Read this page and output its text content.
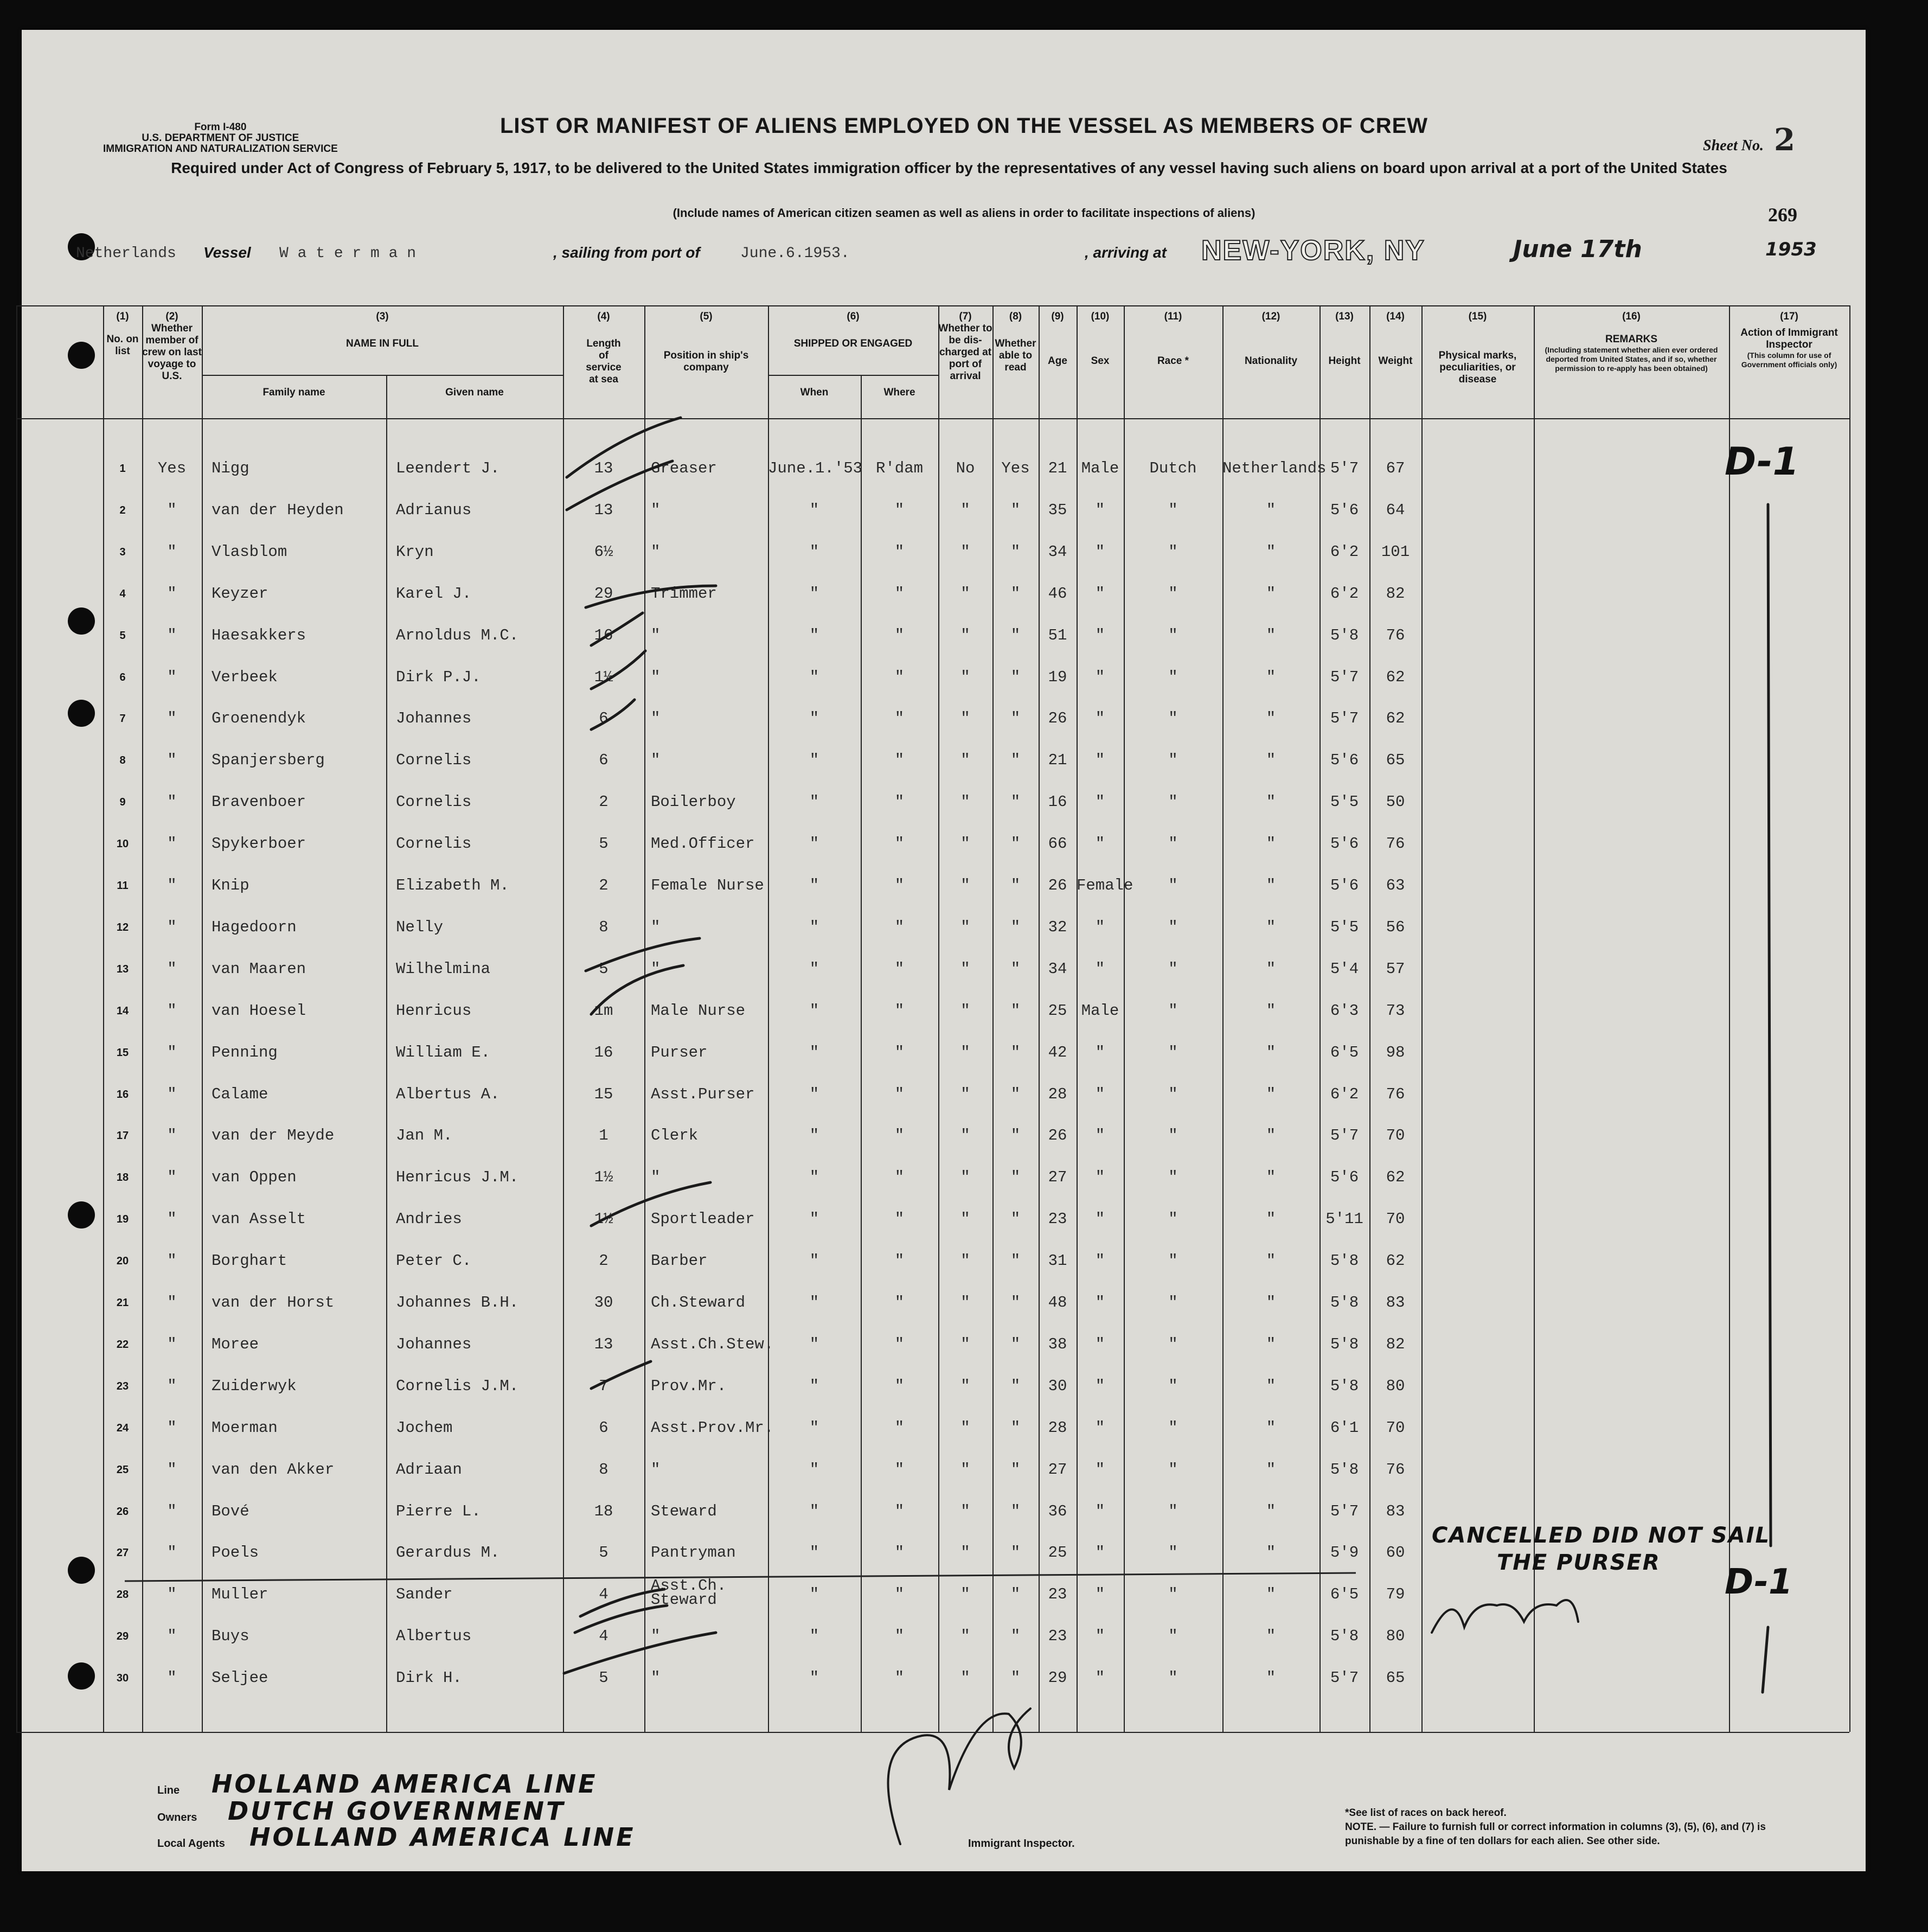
Form I-480
U.S. DEPARTMENT OF JUSTICE
IMMIGRATION AND NATURALIZATION SERVICE	Sheet No. 2
LIST OR MANIFEST OF ALIENS EMPLOYED ON THE VESSEL AS MEMBERS OF CREW
Required under Act of Congress of February 5, 1917, to be delivered to the United States immigration officer by the representatives of any vessel having such aliens on board upon arrival at a port of the United States
(Include names of American citizen seamen as well as aliens in order to facilitate inspections of aliens)	269
Netherlands Vessel W a t e r m a n	, sailing from port of	June.6.1953.	, arriving at NEW-YORK, NY	June 17th	1953
(1)
No. on list
(2)
Whether member of crew on last voyage to U.S.
(3)
NAME IN FULL
Family name	Given name
(4)
Length of service at sea
(5)
Position in ship's company
(6)
SHIPPED OR ENGAGED
When	Where
(7)
Whether to be dis-charged at port of arrival
(8)
Whether able to read
(9)
Age
(10)
Sex
(11)
Race *
(12)
Nationality
(13)
Height
(14)
Weight
(15)
Physical marks, peculiarities, or disease
(16)
REMARKS
(Including statement whether alien ever ordered deported from United States, and if so, whether permission to re-apply has been obtained)
(17)
Action of Immigrant Inspector
(This column for use of Government officials only)
1	Yes	Nigg	Leendert J.	13	Greaser	June.1.'53 R'dam	No	Yes	21 Male	Dutch	Netherlands 5'7	67
2	"	van der Heyden	Adrianus	13	"	"	"	"	"	35	"	"	"	5'6	64
3	"	Vlasblom	Kryn	6½	"	"	"	"	"	34	"	"	"	6'2	101
4	"	Keyzer	Karel J.	29	Trimmer	"	"	"	"	46	"	"	"	6'2	82
5	"	Haesakkers	Arnoldus M.C.	16	"	"	"	"	"	51	"	"	"	5'8	76
6	"	Verbeek	Dirk P.J.	1½	"	"	"	"	"	19	"	"	"	5'7	62
7	"	Groenendyk	Johannes	6	"	"	"	"	"	26	"	"	"	5'7	62
8	"	Spanjersberg	Cornelis	6	"	"	"	"	"	21	"	"	"	5'6	65
9	"	Bravenboer	Cornelis	2	Boilerboy	"	"	"	"	16	"	"	"	5'5	50
10	"	Spykerboer	Cornelis	5	Med.Officer	"	"	"	"	66	"	"	"	5'6	76
11	"	Knip	Elizabeth M.	2	Female Nurse	"	"	"	"	26 Female	"	"	5'6	63
12	"	Hagedoorn	Nelly	8	"	"	"	"	"	32	"	"	"	5'5	56
13	"	van Maaren	Wilhelmina	5	"	"	"	"	"	34	"	"	"	5'4	57
14	"	van Hoesel	Henricus	1m	Male Nurse	"	"	"	"	25 Male	"	"	6'3	73
15	"	Penning	William E.	16	Purser	"	"	"	"	42	"	"	"	6'5	98
16	"	Calame	Albertus A.	15	Asst.Purser	"	"	"	"	28	"	"	"	6'2	76
17	"	van der Meyde	Jan M.	1	Clerk	"	"	"	"	26	"	"	"	5'7	70
18	"	van Oppen	Henricus J.M.	1½	"	"	"	"	"	27	"	"	"	5'6	62
19	"	van Asselt	Andries	1½	Sportleader	"	"	"	"	23	"	"	"	5'11	70
20	"	Borghart	Peter C.	2	Barber	"	"	"	"	31	"	"	"	5'8	62
21	"	van der Horst	Johannes B.H.	30	Ch.Steward	"	"	"	"	48	"	"	"	5'8	83
22	"	Moree	Johannes	13	Asst.Ch.Stew.	"	"	"	"	38	"	"	"	5'8	82
23	"	Zuiderwyk	Cornelis J.M.	7	Prov.Mr.	"	"	"	"	30	"	"	"	5'8	80
24	"	Moerman	Jochem	6	Asst.Prov.Mr.	"	"	"	"	28	"	"	"	6'1	70
25	"	van den Akker	Adriaan	8	"	"	"	"	"	27	"	"	"	5'8	76
26	"	Bové	Pierre L.	18	Steward	"	"	"	"	36	"	"	"	5'7	83
27	"	Poels	Gerardus M.	5	Pantryman	"	"	"	"	25	"	"	"	5'9	60
28	"	Muller	Sander	4	Asst.Ch. Steward	"	"	"	"	23	"	"	"	6'5	79
29	"	Buys	Albertus	4	"	"	"	"	"	23	"	"	"	5'8	80
30	"	Seljee	Dirk H.	5	"	"	"	"	"	29	"	"	"	5'7	65
D-1
D-1
CANCELLED DID NOT SAIL
THE PURSER
Line HOLLAND AMERICA LINE
Owners DUTCH GOVERNMENT
Local Agents HOLLAND AMERICA LINE	Immigrant Inspector.
*See list of races on back hereof.
NOTE. — Failure to furnish full or correct information in columns (3), (5), (6), and (7) is punishable by a fine of ten dollars for each alien. See other side.
